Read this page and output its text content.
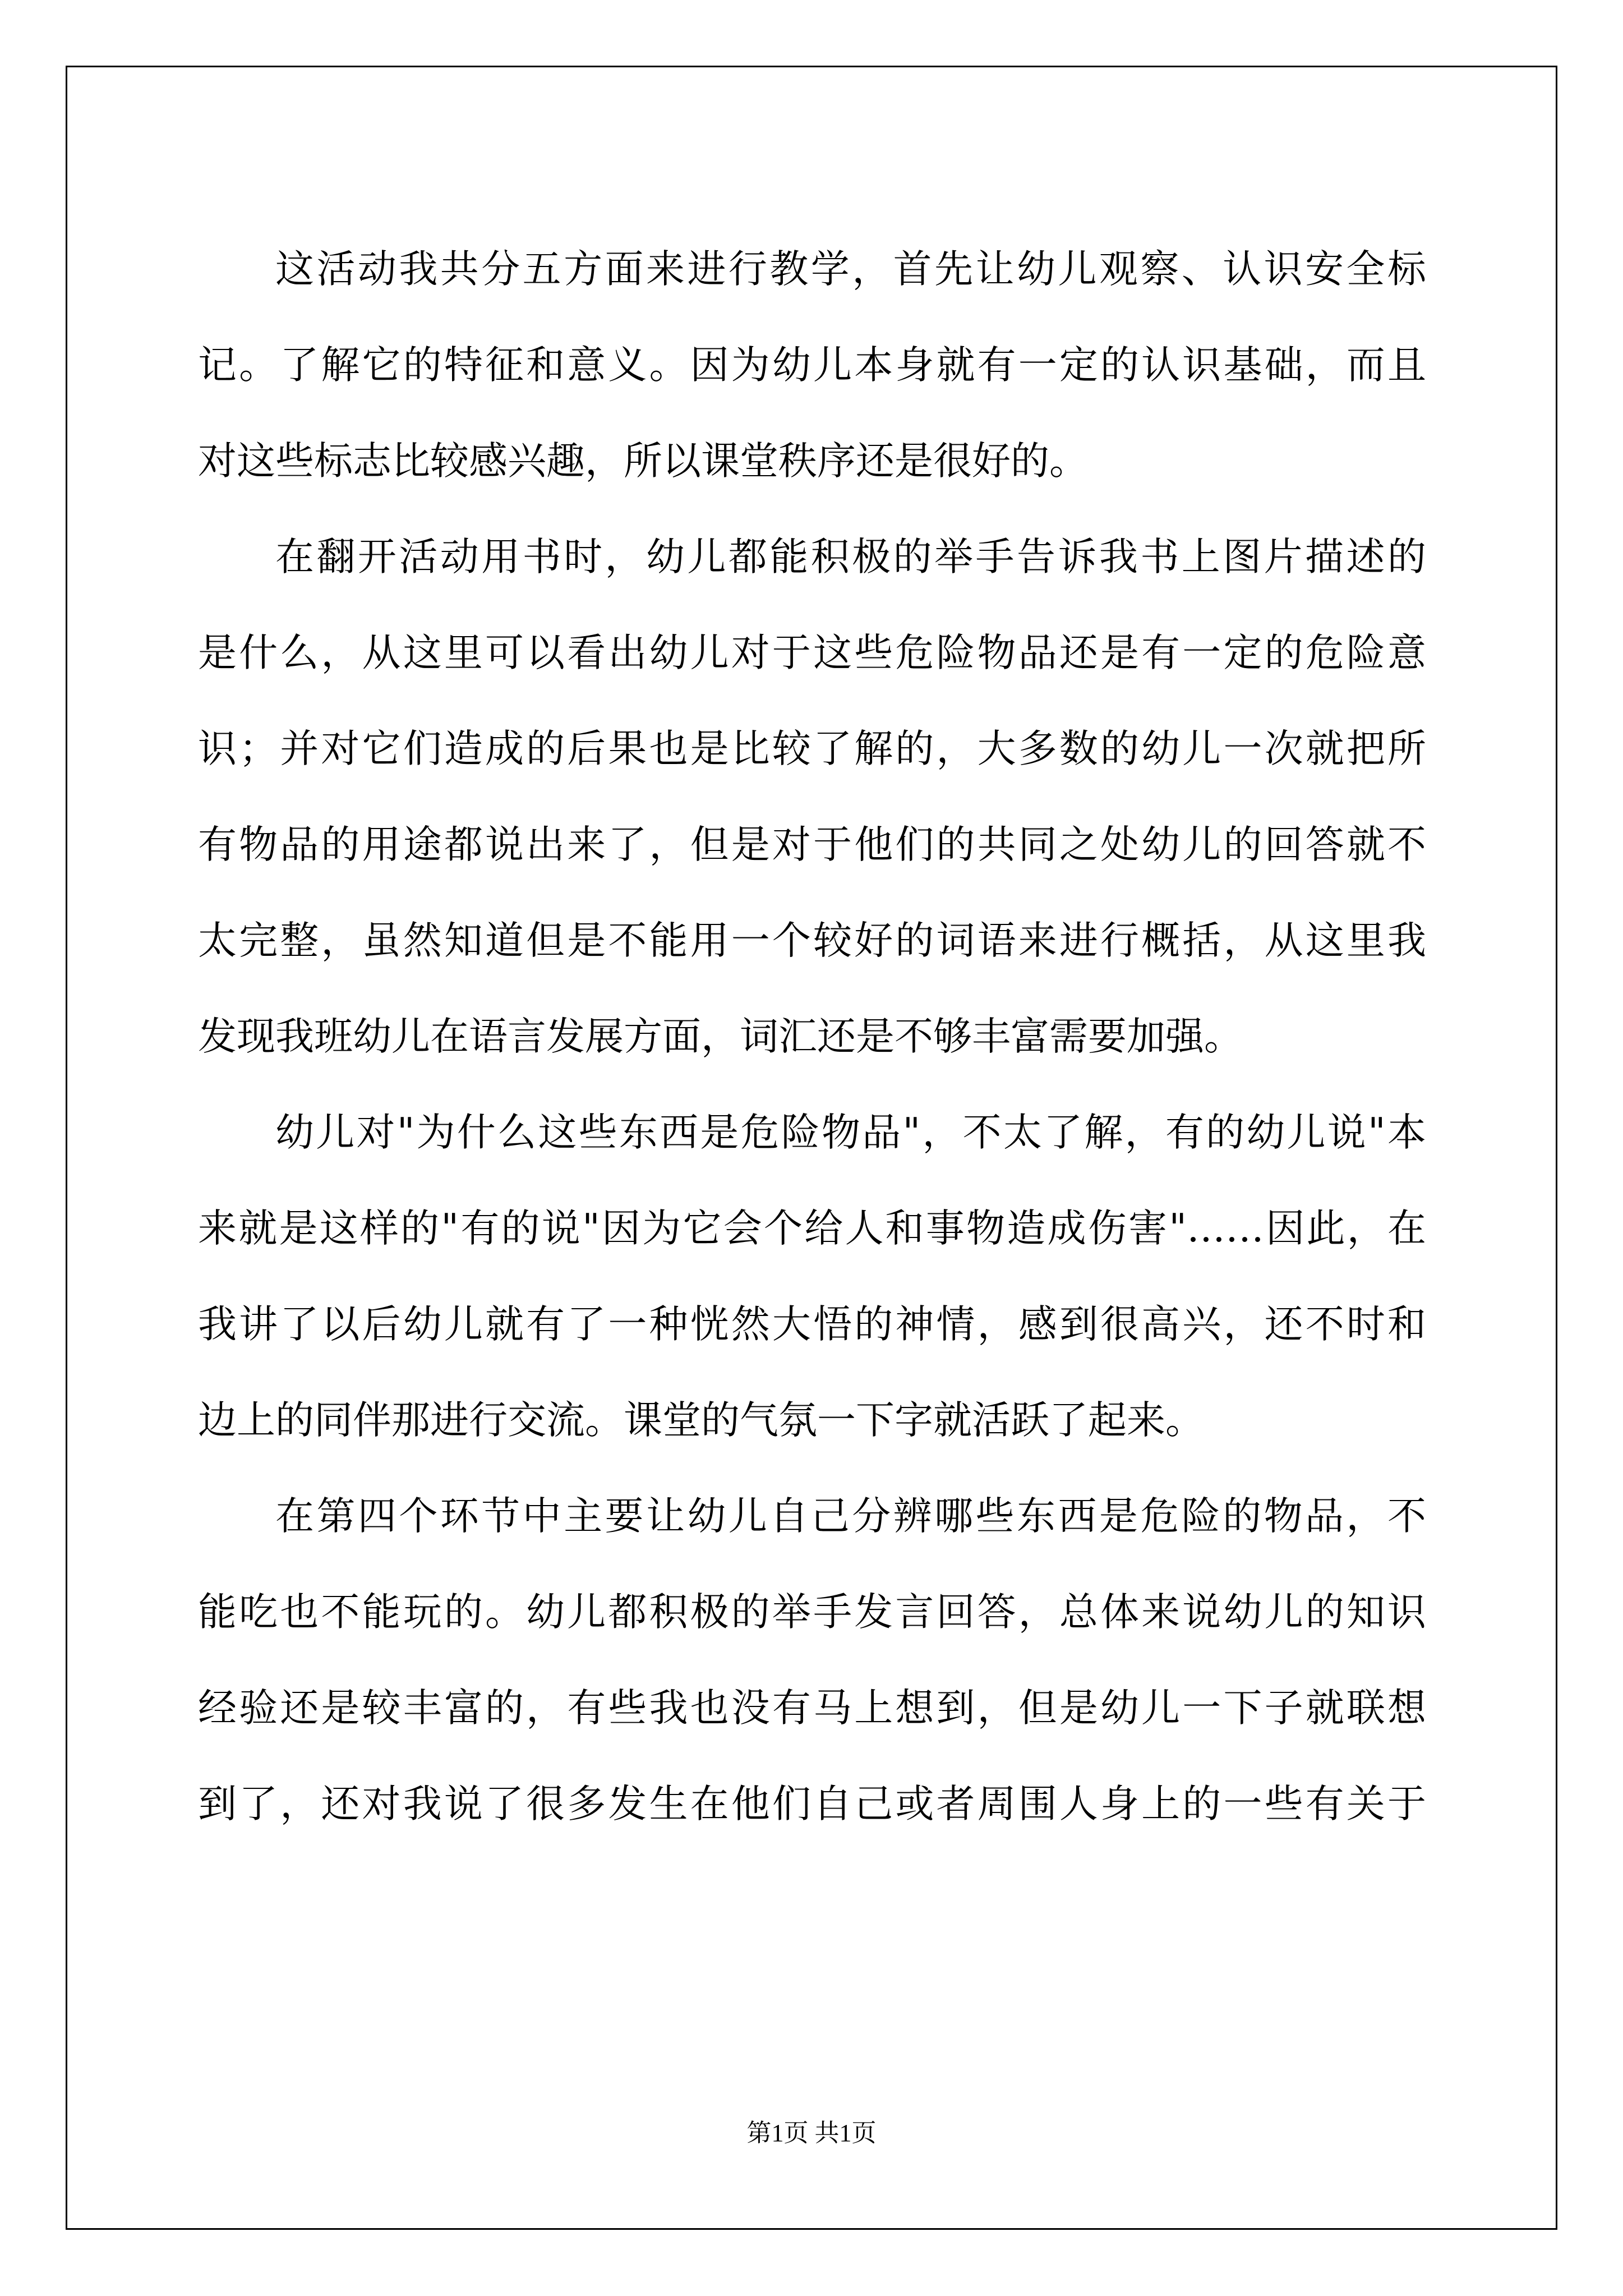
这活动我共分五方面来进行教学，首先让幼儿观察、认识安全标
记。了解它的特征和意义。因为幼儿本身就有一定的认识基础，而且
对这些标志比较感兴趣，所以课堂秩序还是很好的。

在翻开活动用书时，幼儿都能积极的举手告诉我书上图片描述的
是什么，从这里可以看出幼儿对于这些危险物品还是有一定的危险意
识；并对它们造成的后果也是比较了解的，大多数的幼儿一次就把所
有物品的用途都说出来了，但是对于他们的共同之处幼儿的回答就不
太完整，虽然知道但是不能用一个较好的词语来进行概括，从这里我
发现我班幼儿在语言发展方面，词汇还是不够丰富需要加强。

幼儿对"为什么这些东西是危险物品"，不太了解，有的幼儿说"本
来就是这样的"有的说"因为它会个给人和事物造成伤害"……因此，在
我讲了以后幼儿就有了一种恍然大悟的神情，感到很高兴，还不时和
边上的同伴那进行交流。课堂的气氛一下字就活跃了起来。

在第四个环节中主要让幼儿自己分辨哪些东西是危险的物品，不
能吃也不能玩的。幼儿都积极的举手发言回答，总体来说幼儿的知识
经验还是较丰富的，有些我也没有马上想到，但是幼儿一下子就联想
到了，还对我说了很多发生在他们自己或者周围人身上的一些有关于

第1页 共1页
